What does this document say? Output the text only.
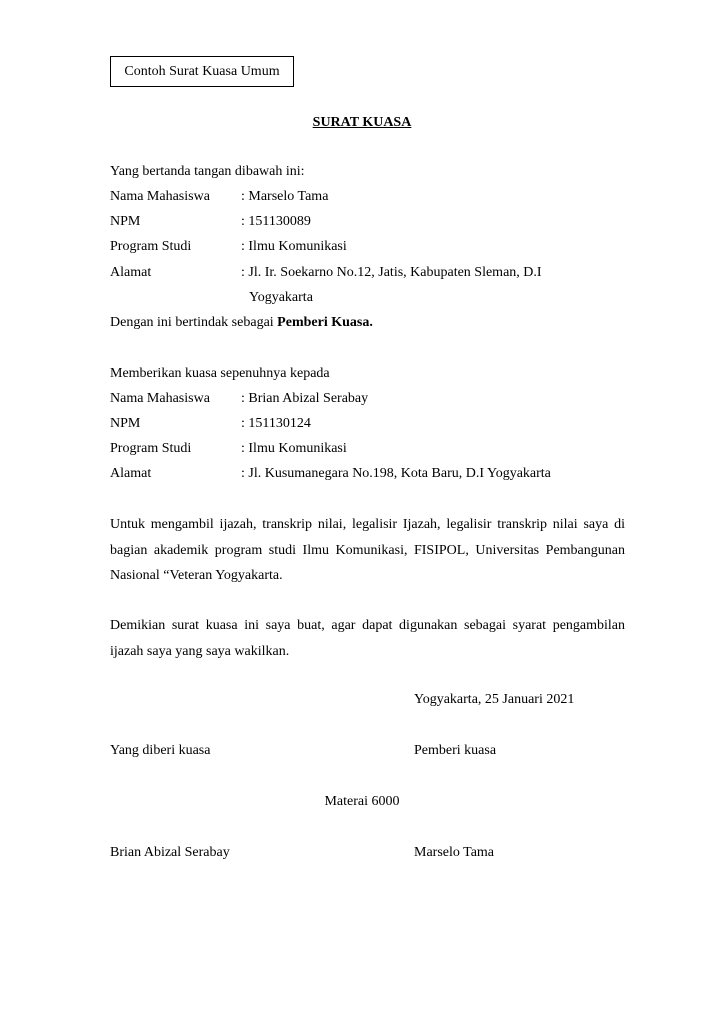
Contoh Surat Kuasa Umum
SURAT KUASA
Yang bertanda tangan dibawah ini:
Nama Mahasiswa : Marselo Tama
NPM	: 151130089
Program Studi	: Ilmu Komunikasi
Alamat	: Jl. Ir. Soekarno No.12, Jatis, Kabupaten Sleman, D.I
Yogyakarta
Dengan ini bertindak sebagai Pemberi Kuasa.
Memberikan kuasa sepenuhnya kepada
Nama Mahasiswa : Brian Abizal Serabay
NPM	: 151130124
Program Studi	: Ilmu Komunikasi
Alamat	: Jl. Kusumanegara No.198, Kota Baru, D.I Yogyakarta
Untuk mengambil ijazah, transkrip nilai, legalisir Ijazah, legalisir transkrip nilai saya di bagian akademik program studi Ilmu Komunikasi, FISIPOL, Universitas Pembangunan Nasional “Veteran Yogyakarta.
Demikian surat kuasa ini saya buat, agar dapat digunakan sebagai syarat pengambilan ijazah saya yang saya wakilkan.
Yogyakarta, 25 Januari 2021
Yang diberi kuasa	Pemberi kuasa
Materai 6000
Brian Abizal Serabay	Marselo Tama
